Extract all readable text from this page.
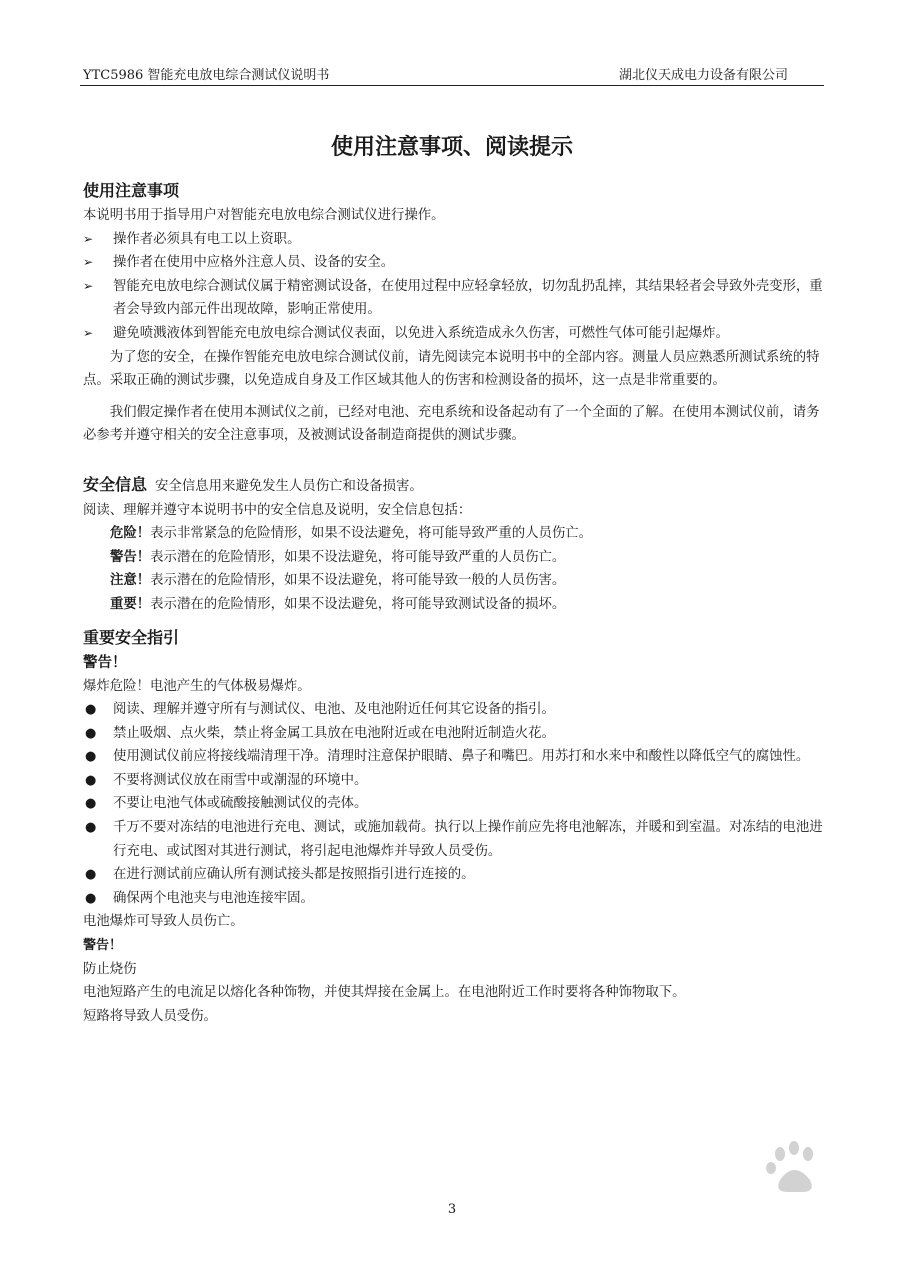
YTC5986 智能充电放电综合测试仪说明书	湖北仪天成电力设备有限公司
使用注意事项、阅读提示

使用注意事项

本说明书用于指导用户对智能充电放电综合测试仪进行操作。

➢ 操作者必须具有电工以上资职。
➢ 操作者在使用中应格外注意人员、设备的安全。
➢ 智能充电放电综合测试仪属于精密测试设备，在使用过程中应轻拿轻放，切勿乱扔乱摔，其结果轻者会导致外壳变形，重者会导致内部元件出现故障，影响正常使用。
➢ 避免喷溅液体到智能充电放电综合测试仪表面，以免进入系统造成永久伤害，可燃性气体可能引起爆炸。

为了您的安全，在操作智能充电放电综合测试仪前，请先阅读完本说明书中的全部内容。测量人员应熟悉所测试系统的特点。采取正确的测试步骤，以免造成自身及工作区域其他人的伤害和检测设备的损坏，这一点是非常重要的。

我们假定操作者在使用本测试仪之前，已经对电池、充电系统和设备起动有了一个全面的了解。在使用本测试仪前，请务必参考并遵守相关的安全注意事项，及被测试设备制造商提供的测试步骤。

安全信息 安全信息用来避免发生人员伤亡和设备损害。

阅读、理解并遵守本说明书中的安全信息及说明，安全信息包括：

危险！表示非常紧急的危险情形，如果不设法避免，将可能导致严重的人员伤亡。

警告！表示潜在的危险情形，如果不设法避免，将可能导致严重的人员伤亡。

注意！表示潜在的危险情形，如果不设法避免，将可能导致一般的人员伤害。

重要！表示潜在的危险情形，如果不设法避免，将可能导致测试设备的损坏。

重要安全指引

警告！

爆炸危险！电池产生的气体极易爆炸。

● 阅读、理解并遵守所有与测试仪、电池、及电池附近任何其它设备的指引。
● 禁止吸烟、点火柴，禁止将金属工具放在电池附近或在电池附近制造火花。
● 使用测试仪前应将接线端清理干净。清理时注意保护眼睛、鼻子和嘴巴。用苏打和水来中和酸性以降低空气的腐蚀性。
● 不要将测试仪放在雨雪中或潮湿的环境中。
● 不要让电池气体或硫酸接触测试仪的壳体。
● 千万不要对冻结的电池进行充电、测试，或施加载荷。执行以上操作前应先将电池解冻，并暖和到室温。对冻结的电池进行充电、或试图对其进行测试，将引起电池爆炸并导致人员受伤。
● 在进行测试前应确认所有测试接头都是按照指引进行连接的。
● 确保两个电池夹与电池连接牢固。

电池爆炸可导致人员伤亡。

警告！

防止烧伤

电池短路产生的电流足以熔化各种饰物，并使其焊接在金属上。在电池附近工作时要将各种饰物取下。

短路将导致人员受伤。

3
